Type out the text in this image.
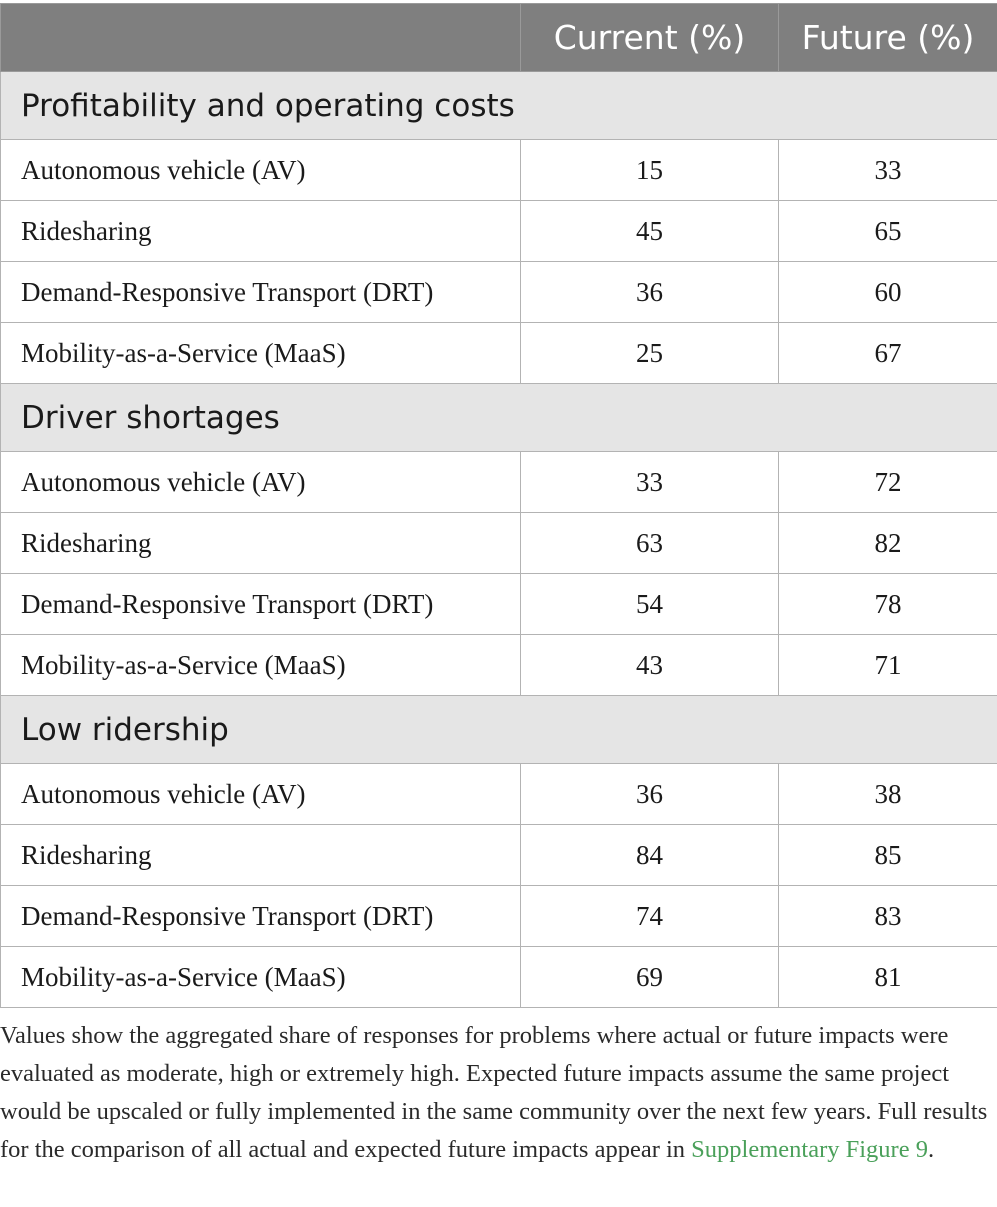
	Current (%)	Future (%)
Profitability and operating costs		
Autonomous vehicle (AV)	15	33
Ridesharing	45	65
Demand-Responsive Transport (DRT)	36	60
Mobility-as-a-Service (MaaS)	25	67
Driver shortages		
Autonomous vehicle (AV)	33	72
Ridesharing	63	82
Demand-Responsive Transport (DRT)	54	78
Mobility-as-a-Service (MaaS)	43	71
Low ridership		
Autonomous vehicle (AV)	36	38
Ridesharing	84	85
Demand-Responsive Transport (DRT)	74	83
Mobility-as-a-Service (MaaS)	69	81

Values show the aggregated share of responses for problems where actual or future impacts were evaluated as moderate, high or extremely high. Expected future impacts assume the same project would be upscaled or fully implemented in the same community over the next few years. Full results for the comparison of all actual and expected future impacts appear in Supplementary Figure 9.
